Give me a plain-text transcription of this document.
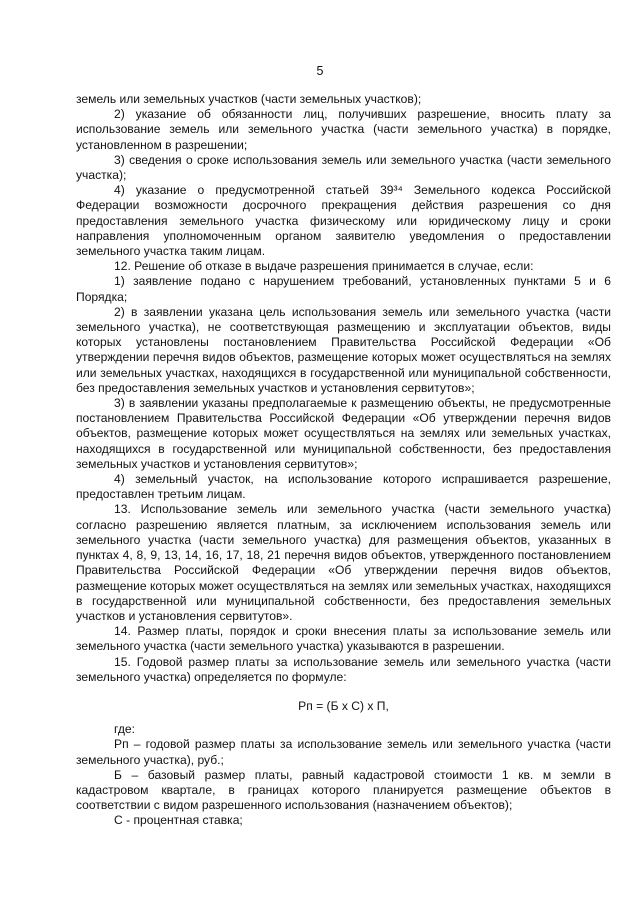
5

земель или земельных участков (части земельных участков);

2) указание об обязанности лиц, получивших разрешение, вносить плату за использование земель или земельного участка (части земельного участка) в порядке, установленном в разрешении;

3) сведения о сроке использования земель или земельного участка (части земельного участка);

4) указание о предусмотренной статьей 39³⁴ Земельного кодекса Российской Федерации возможности досрочного прекращения действия разрешения со дня предоставления земельного участка физическому или юридическому лицу и сроки направления уполномоченным органом заявителю уведомления о предоставлении земельного участка таким лицам.

12. Решение об отказе в выдаче разрешения принимается в случае, если:

1) заявление подано с нарушением требований, установленных пунктами 5 и 6 Порядка;

2) в заявлении указана цель использования земель или земельного участка (части земельного участка), не соответствующая размещению и эксплуатации объектов, виды которых установлены постановлением Правительства Российской Федерации «Об утверждении перечня видов объектов, размещение которых может осуществляться на землях или земельных участках, находящихся в государственной или муниципальной собственности, без предоставления земельных участков и установления сервитутов»;

3) в заявлении указаны предполагаемые к размещению объекты, не предусмотренные постановлением Правительства Российской Федерации «Об утверждении перечня видов объектов, размещение которых может осуществляться на землях или земельных участках, находящихся в государственной или муниципальной собственности, без предоставления земельных участков и установления сервитутов»;

4) земельный участок, на использование которого испрашивается разрешение, предоставлен третьим лицам.

13. Использование земель или земельного участка (части земельного участка) согласно разрешению является платным, за исключением использования земель или земельного участка (части земельного участка) для размещения объектов, указанных в пунктах 4, 8, 9, 13, 14, 16, 17, 18, 21 перечня видов объектов, утвержденного постановлением Правительства Российской Федерации «Об утверждении перечня видов объектов, размещение которых может осуществляться на землях или земельных участках, находящихся в государственной или муниципальной собственности, без предоставления земельных участков и установления сервитутов».

14. Размер платы, порядок и сроки внесения платы за использование земель или земельного участка (части земельного участка) указываются в разрешении.

15. Годовой размер платы за использование земель или земельного участка (части земельного участка) определяется по формуле:

Рп = (Б х С) х П,

где:

Рп – годовой размер платы за использование земель или земельного участка (части земельного участка), руб.;

Б – базовый размер платы, равный кадастровой стоимости 1 кв. м земли в кадастровом квартале, в границах которого планируется размещение объектов в соответствии с видом разрешенного использования (назначением объектов);

С - процентная ставка;
